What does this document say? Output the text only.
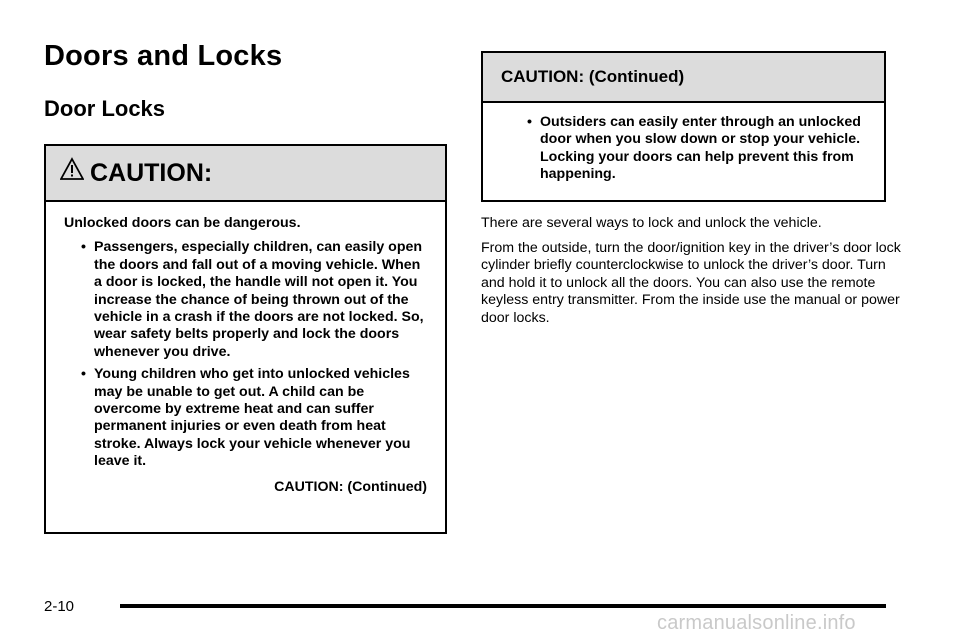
Doors and Locks
Door Locks
CAUTION:

Unlocked doors can be dangerous.

• Passengers, especially children, can easily open the doors and fall out of a moving vehicle. When a door is locked, the handle will not open it. You increase the chance of being thrown out of the vehicle in a crash if the doors are not locked. So, wear safety belts properly and lock the doors whenever you drive.
• Young children who get into unlocked vehicles may be unable to get out. A child can be overcome by extreme heat and can suffer permanent injuries or even death from heat stroke. Always lock your vehicle whenever you leave it.

CAUTION: (Continued)

CAUTION: (Continued)
• Outsiders can easily enter through an unlocked door when you slow down or stop your vehicle. Locking your doors can help prevent this from happening.

There are several ways to lock and unlock the vehicle.

From the outside, turn the door/ignition key in the driver’s door lock cylinder briefly counterclockwise to unlock the driver’s door. Turn and hold it to unlock all the doors. You can also use the remote keyless entry transmitter. From the inside use the manual or power door locks.

2-10
carmanualsonline.info
